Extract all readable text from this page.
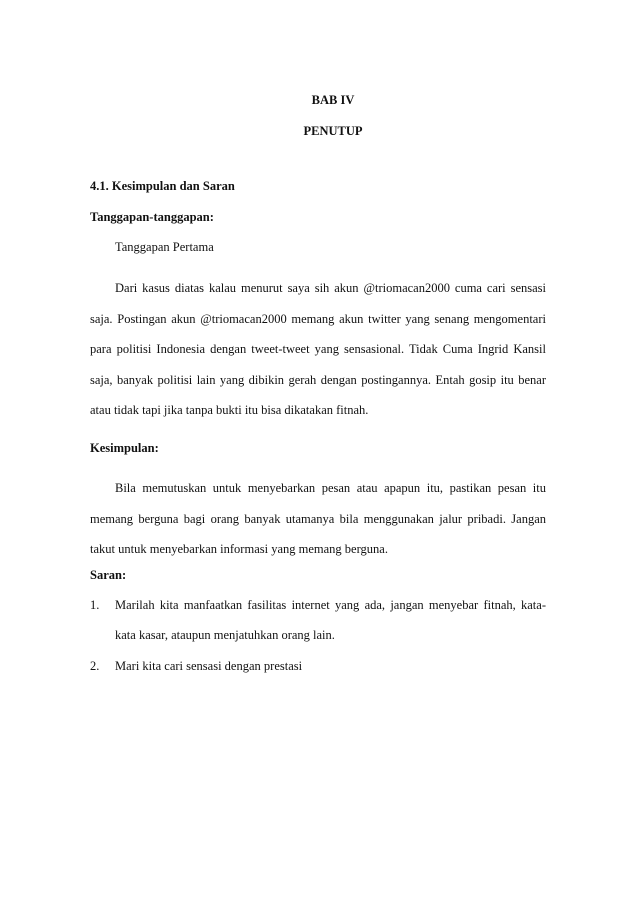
BAB IV
PENUTUP
4.1. Kesimpulan dan Saran
Tanggapan-tanggapan:
Tanggapan Pertama
Dari kasus diatas kalau menurut saya sih akun @triomacan2000 cuma cari sensasi
saja. Postingan akun @triomacan2000 memang akun twitter yang senang mengomentari
para politisi Indonesia dengan tweet-tweet yang sensasional. Tidak Cuma Ingrid Kansil
saja, banyak politisi lain yang dibikin gerah dengan postingannya. Entah gosip itu benar
atau tidak tapi jika tanpa bukti itu bisa dikatakan fitnah.
Kesimpulan:
Bila memutuskan untuk menyebarkan pesan atau apapun itu, pastikan pesan itu
memang berguna bagi orang banyak utamanya bila menggunakan jalur pribadi. Jangan
takut untuk menyebarkan informasi yang memang berguna.
Saran:
1. Marilah kita manfaatkan fasilitas internet yang ada, jangan menyebar fitnah, kata-
kata kasar, ataupun menjatuhkan orang lain.
2. Mari kita cari sensasi dengan prestasi
